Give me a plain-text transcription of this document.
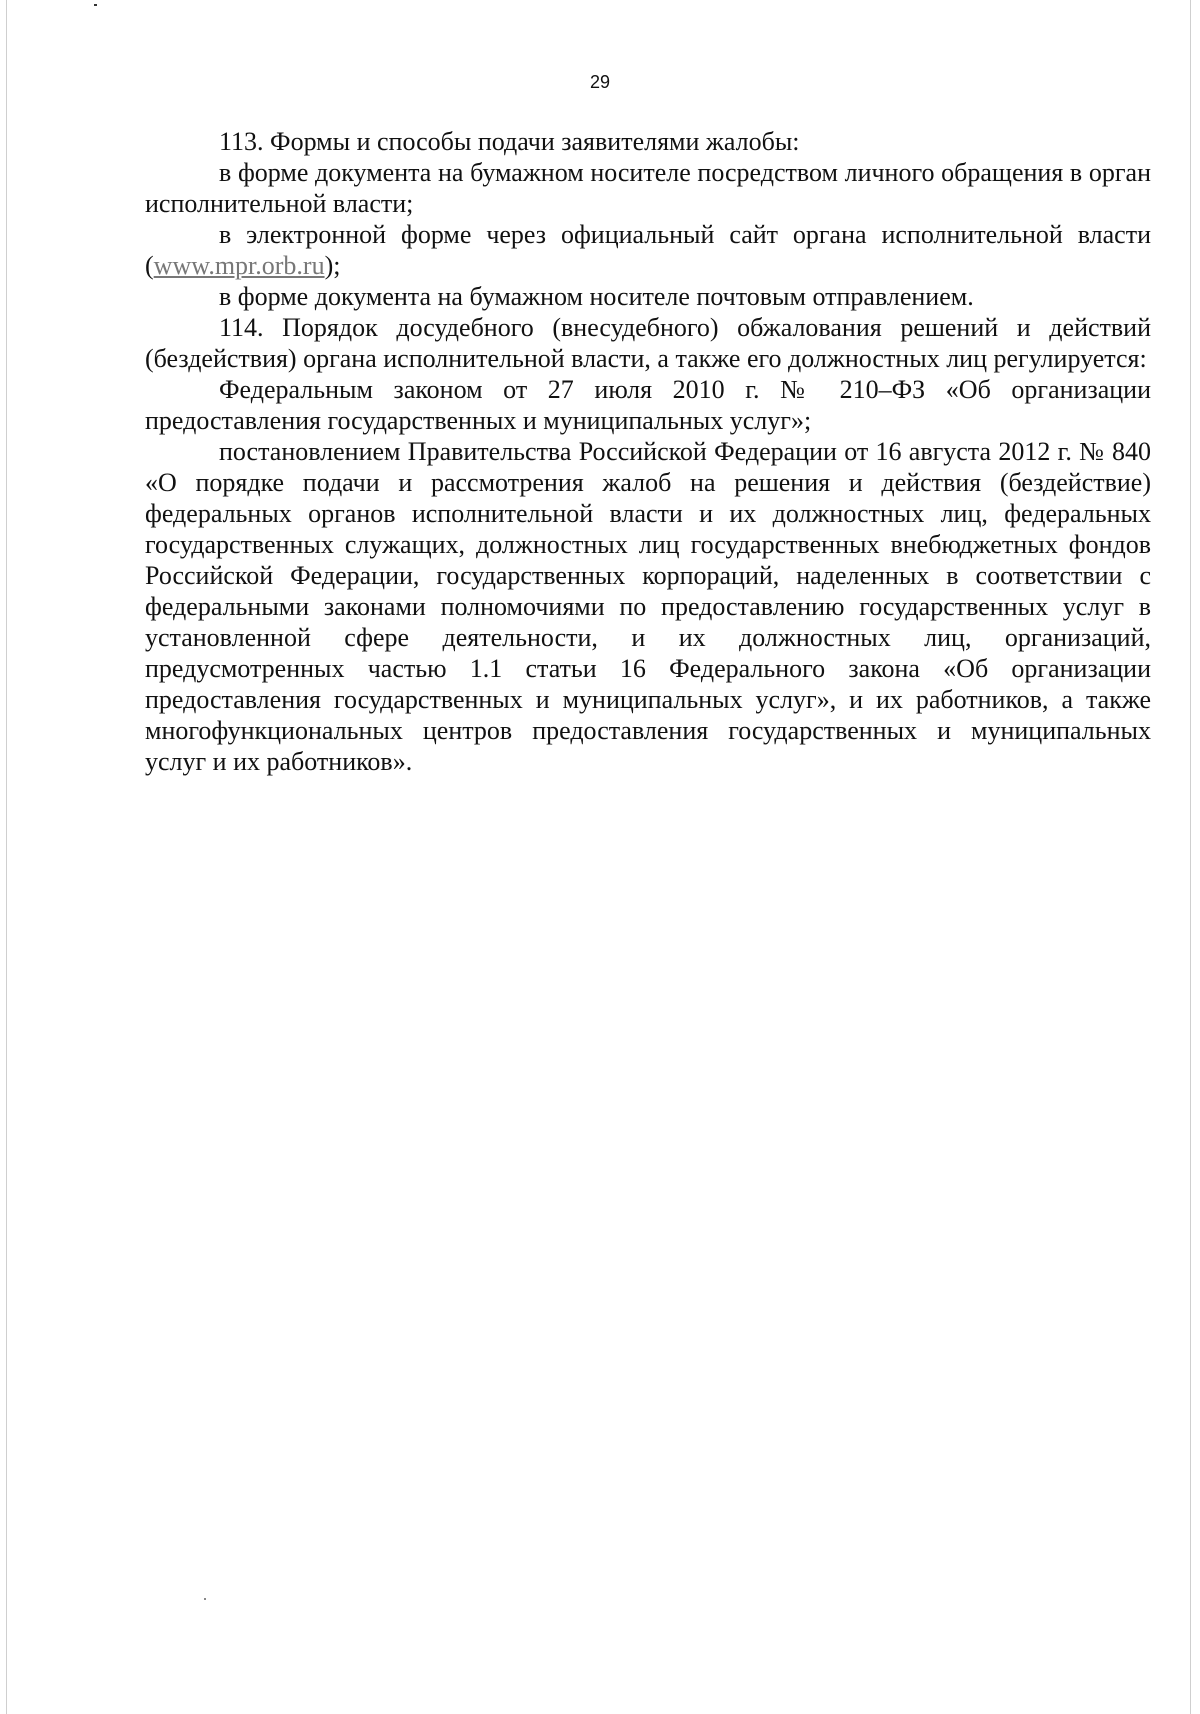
29

113. Формы и способы подачи заявителями жалобы:

в форме документа на бумажном носителе посредством личного обращения в орган исполнительной власти;

в электронной форме через официальный сайт органа исполнительной власти (www.mpr.orb.ru);

в форме документа на бумажном носителе почтовым отправлением.

114. Порядок досудебного (внесудебного) обжалования решений и действий (бездействия) органа исполнительной власти, а также его должностных лиц регулируется:

Федеральным законом от 27 июля 2010 г. № 210–ФЗ «Об организации предоставления государственных и муниципальных услуг»;

постановлением Правительства Российской Федерации от 16 августа 2012 г. № 840 «О порядке подачи и рассмотрения жалоб на решения и действия (бездействие) федеральных органов исполнительной власти и их должностных лиц, федеральных государственных служащих, должностных лиц государственных внебюджетных фондов Российской Федерации, государственных корпораций, наделенных в соответствии с федеральными законами полномочиями по предоставлению государственных услуг в установленной сфере деятельности, и их должностных лиц, организаций, предусмотренных частью 1.1 статьи 16 Федерального закона «Об организации предоставления государственных и муниципальных услуг», и их работников, а также многофункциональных центров предоставления государственных и муниципальных услуг и их работников».
